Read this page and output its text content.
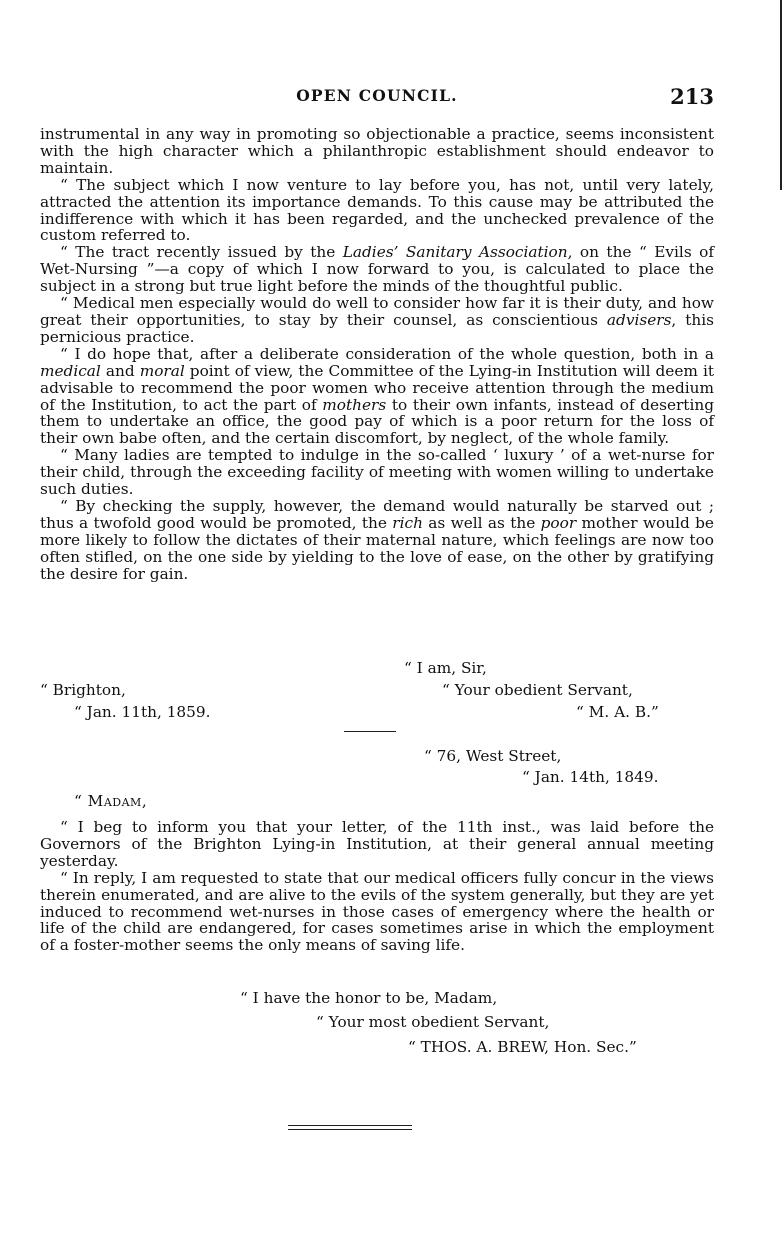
OPEN COUNCIL.	213

instrumental in any way in promoting so objectionable a practice, seems inconsistent with the high character which a philanthropic establishment should endeavor to maintain.

“ The subject which I now venture to lay before you, has not, until very lately, attracted the attention its importance demands. To this cause may be attributed the indifference with which it has been regarded, and the unchecked prevalence of the custom referred to.

“ The tract recently issued by the Ladies’ Sanitary Association, on the “ Evils of Wet-Nursing ”—a copy of which I now forward to you, is calculated to place the subject in a strong but true light before the minds of the thoughtful public.

“ Medical men especially would do well to consider how far it is their duty, and how great their opportunities, to stay by their counsel, as conscientious advisers, this pernicious practice.

“ I do hope that, after a deliberate consideration of the whole question, both in a medical and moral point of view, the Committee of the Lying-in Institution will deem it advisable to recommend the poor women who receive attention through the medium of the Institution, to act the part of mothers to their own infants, instead of deserting them to undertake an office, the good pay of which is a poor return for the loss of their own babe often, and the certain discomfort, by neglect, of the whole family.

“ Many ladies are tempted to indulge in the so-called ‘ luxury ’ of a wet-nurse for their child, through the exceeding facility of meeting with women willing to undertake such duties.

“ By checking the supply, however, the demand would naturally be starved out ; thus a twofold good would be promoted, the rich as well as the poor mother would be more likely to follow the dictates of their maternal nature, which feelings are now too often stifled, on the one side by yielding to the love of ease, on the other by gratifying the desire for gain.

“ I am, Sir,
“ Brighton,	“ Your obedient Servant,
“ Jan. 11th, 1859.	“ M. A. B.”
“ 76, West Street,
“ Jan. 14th, 1849.
“ Madam,

“ I beg to inform you that your letter, of the 11th inst., was laid before the Governors of the Brighton Lying-in Institution, at their general annual meeting yesterday.

“ In reply, I am requested to state that our medical officers fully concur in the views therein enumerated, and are alive to the evils of the system generally, but they are yet induced to recommend wet-nurses in those cases of emergency where the health or life of the child are endangered, for cases sometimes arise in which the employment of a foster-mother seems the only means of saving life.

“ I have the honor to be, Madam,
“ Your most obedient Servant,
“ THOS. A. BREW, Hon. Sec.”
